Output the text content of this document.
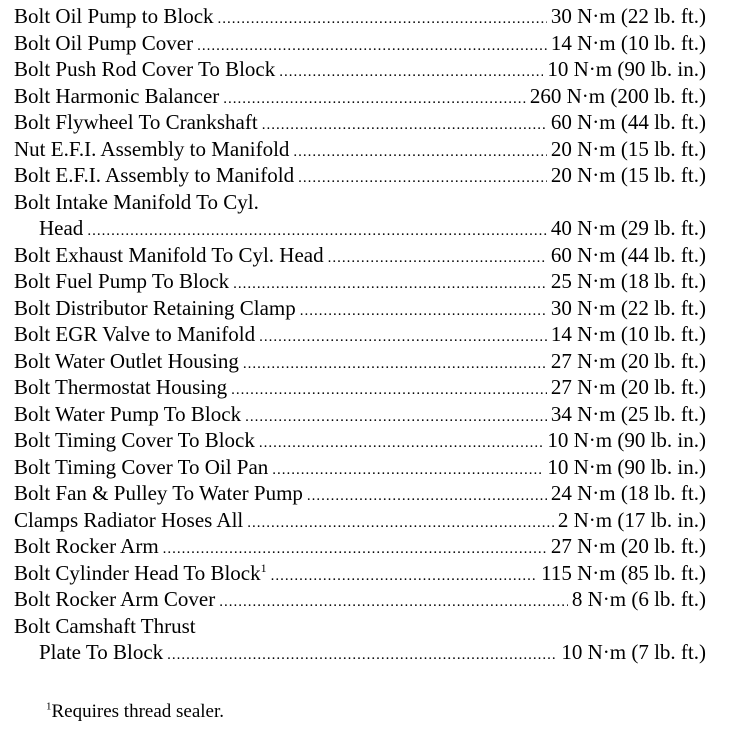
Bolt Oil Pump to Block .....	30 N·m (22 lb. ft.)
Bolt Oil Pump Cover .....	14 N·m (10 lb. ft.)
Bolt Push Rod Cover To Block .....	10 N·m (90 lb. in.)
Bolt Harmonic Balancer .....	260 N·m (200 lb. ft.)
Bolt Flywheel To Crankshaft .....	60 N·m (44 lb. ft.)
Nut E.F.I. Assembly to Manifold .....	20 N·m (15 lb. ft.)
Bolt E.F.I. Assembly to Manifold .....	20 N·m (15 lb. ft.)
Bolt Intake Manifold To Cyl.
Head .....	40 N·m (29 lb. ft.)
Bolt Exhaust Manifold To Cyl. Head .....	60 N·m (44 lb. ft.)
Bolt Fuel Pump To Block .....	25 N·m (18 lb. ft.)
Bolt Distributor Retaining Clamp .....	30 N·m (22 lb. ft.)
Bolt EGR Valve to Manifold .....	14 N·m (10 lb. ft.)
Bolt Water Outlet Housing .....	27 N·m (20 lb. ft.)
Bolt Thermostat Housing .....	27 N·m (20 lb. ft.)
Bolt Water Pump To Block .....	34 N·m (25 lb. ft.)
Bolt Timing Cover To Block .....	10 N·m (90 lb. in.)
Bolt Timing Cover To Oil Pan .....	10 N·m (90 lb. in.)
Bolt Fan & Pulley To Water Pump .....	24 N·m (18 lb. ft.)
Clamps Radiator Hoses All .....	2 N·m (17 lb. in.)
Bolt Rocker Arm .....	27 N·m (20 lb. ft.)
Bolt Cylinder Head To Block$^1$ .....	115 N·m (85 lb. ft.)
Bolt Rocker Arm Cover .....	8 N·m (6 lb. ft.)
Bolt Camshaft Thrust
Plate To Block .....	10 N·m (7 lb. ft.)
$^1$Requires thread sealer.
